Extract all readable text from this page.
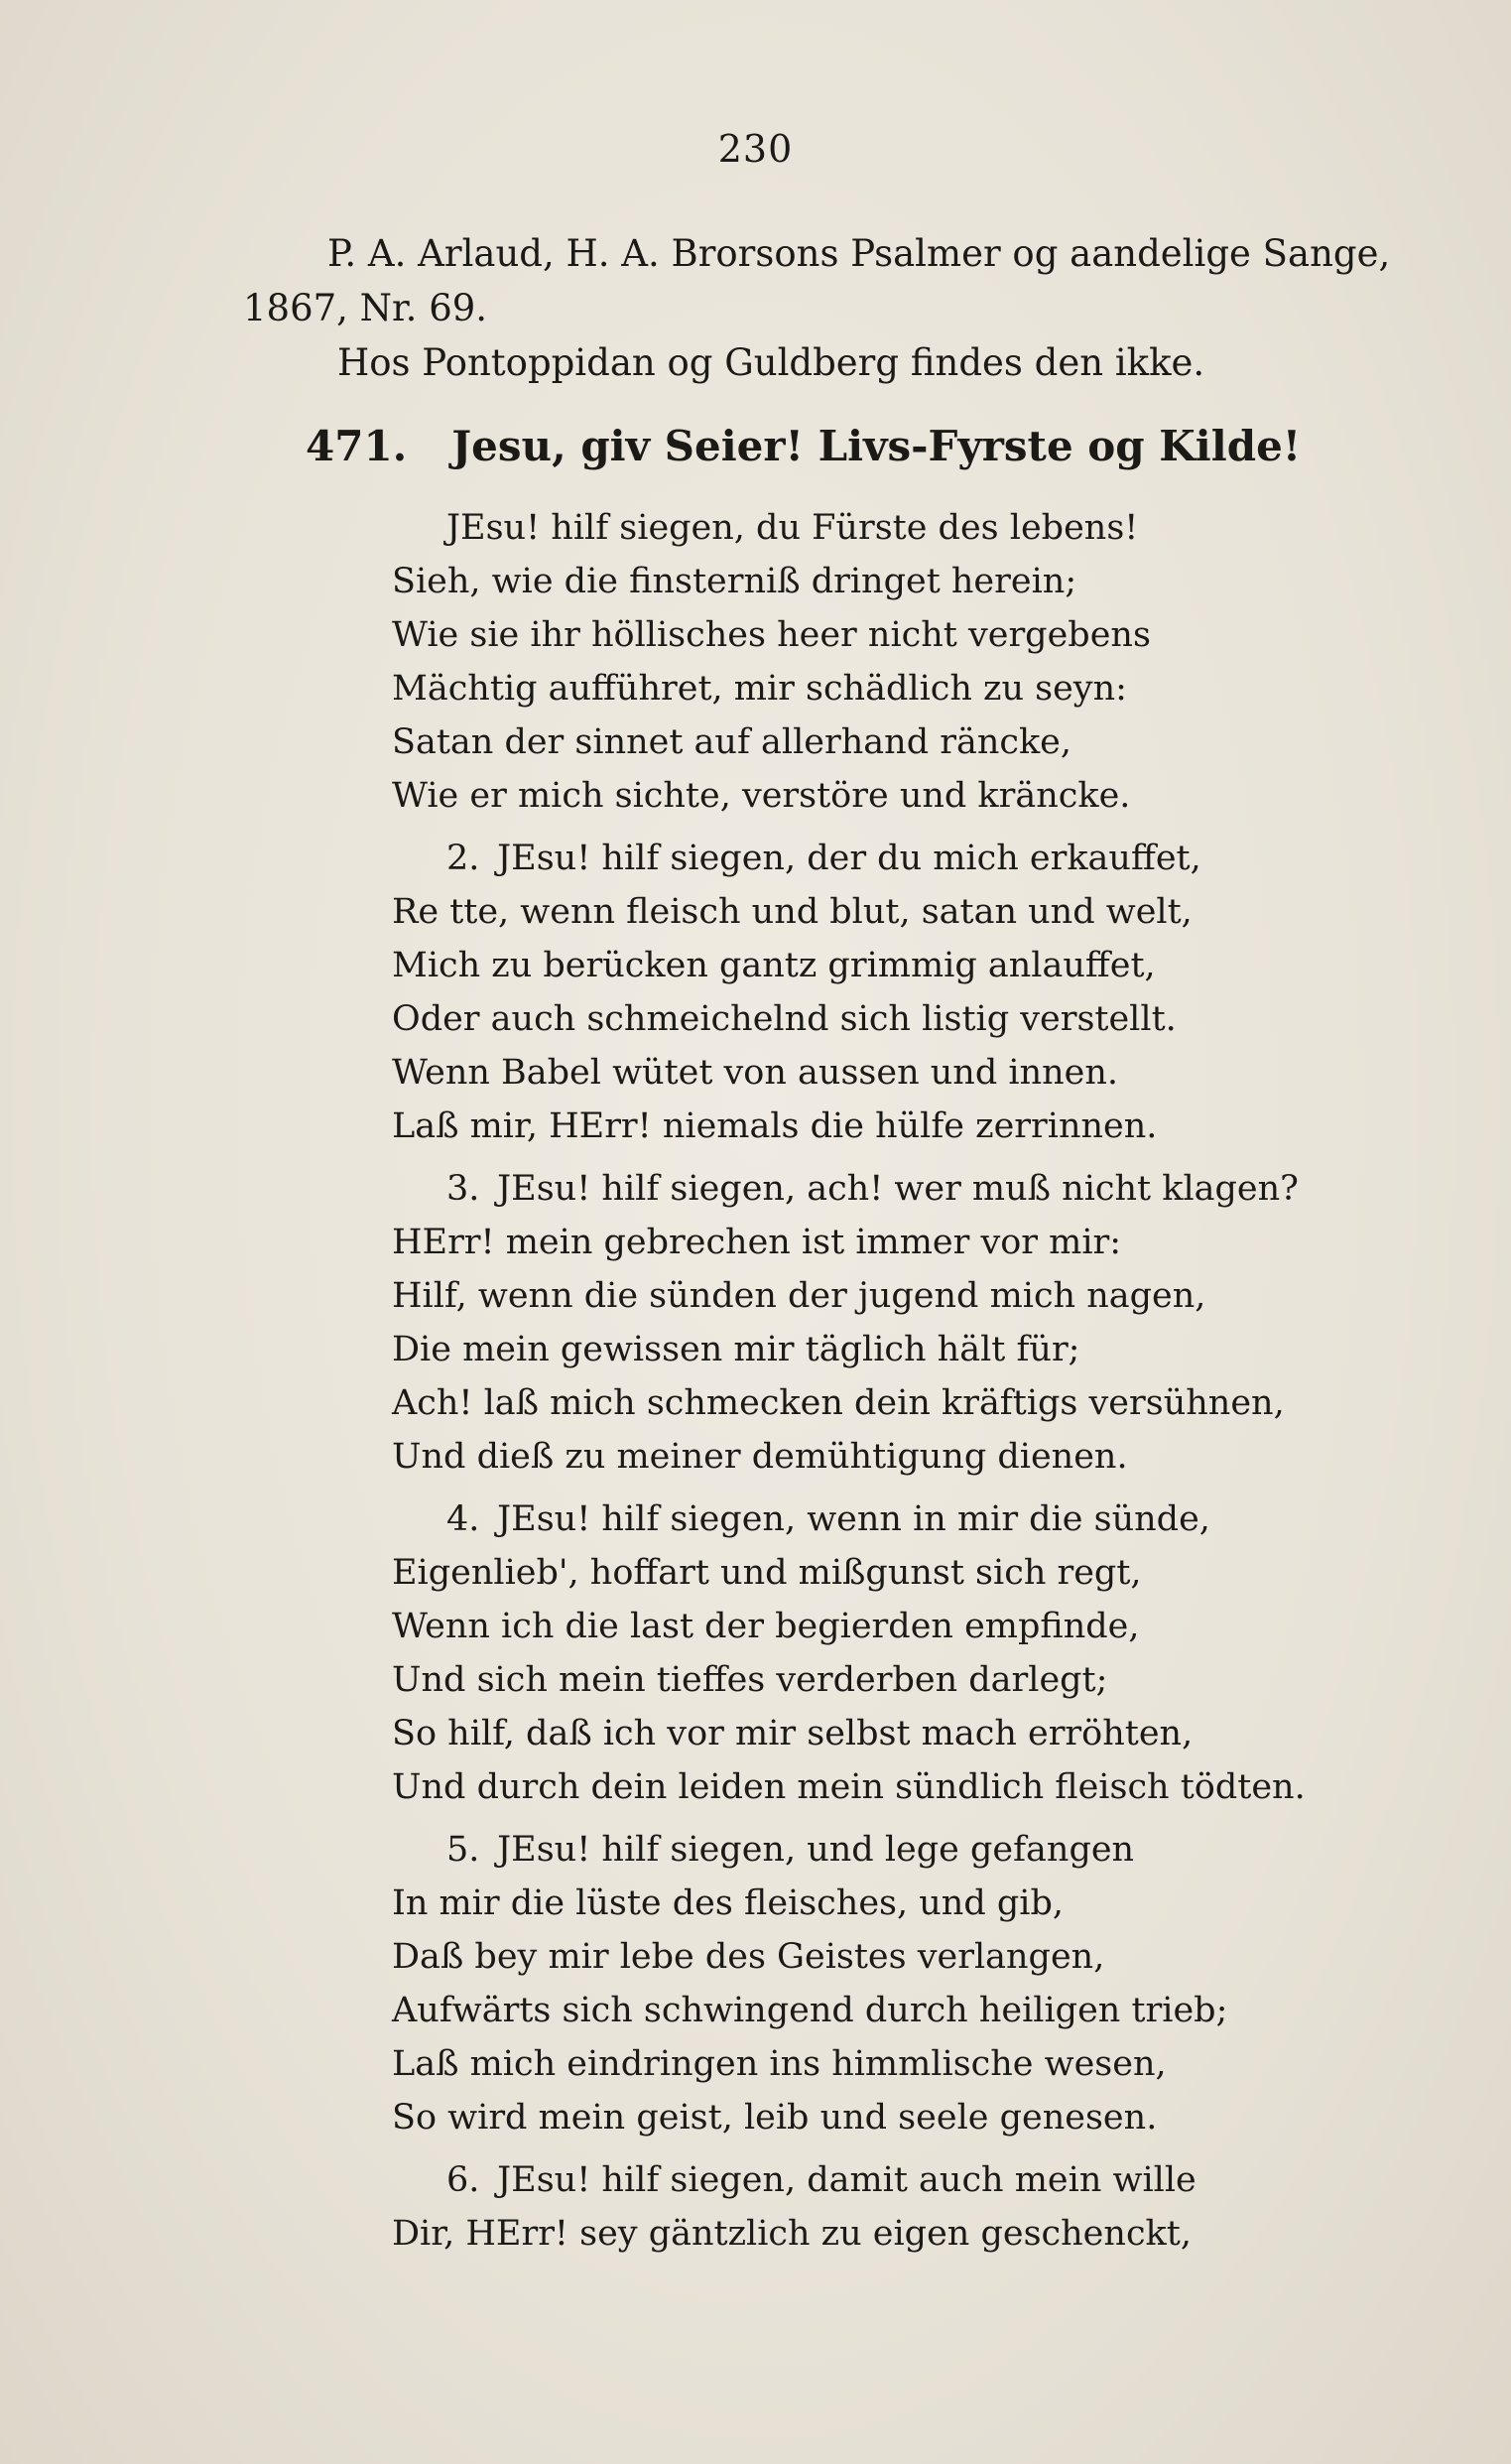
230
P. A. Arlaud, H. A. Brorsons Psalmer og aandelige Sange,
1867, Nr. 69.
Hos Pontoppidan og Guldberg findes den ikke.
471. Jesu, giv Seier! Livs-Fyrste og Kilde!
JEsu! hilf siegen, du Fürste des lebens!
Sieh, wie die finsterniß dringet herein;
Wie sie ihr höllisches heer nicht vergebens
Mächtig aufführet, mir schädlich zu seyn:
Satan der sinnet auf allerhand räncke,
Wie er mich sichte, verstöre und kräncke.
2. JEsu! hilf siegen, der du mich erkauffet,
Re tte, wenn fleisch und blut, satan und welt,
Mich zu berücken gantz grimmig anlauffet,
Oder auch schmeichelnd sich listig verstellt.
Wenn Babel wütet von aussen und innen.
Laß mir, HErr! niemals die hülfe zerrinnen.
3. JEsu! hilf siegen, ach! wer muß nicht klagen?
HErr! mein gebrechen ist immer vor mir:
Hilf, wenn die sünden der jugend mich nagen,
Die mein gewissen mir täglich hält für;
Ach! laß mich schmecken dein kräftigs versühnen,
Und dieß zu meiner demühtigung dienen.
4. JEsu! hilf siegen, wenn in mir die sünde,
Eigenlieb', hoffart und mißgunst sich regt,
Wenn ich die last der begierden empfinde,
Und sich mein tieffes verderben darlegt;
So hilf, daß ich vor mir selbst mach erröhten,
Und durch dein leiden mein sündlich fleisch tödten.
5. JEsu! hilf siegen, und lege gefangen
In mir die lüste des fleisches, und gib,
Daß bey mir lebe des Geistes verlangen,
Aufwärts sich schwingend durch heiligen trieb;
Laß mich eindringen ins himmlische wesen,
So wird mein geist, leib und seele genesen.
6. JEsu! hilf siegen, damit auch mein wille
Dir, HErr! sey gäntzlich zu eigen geschenckt,
